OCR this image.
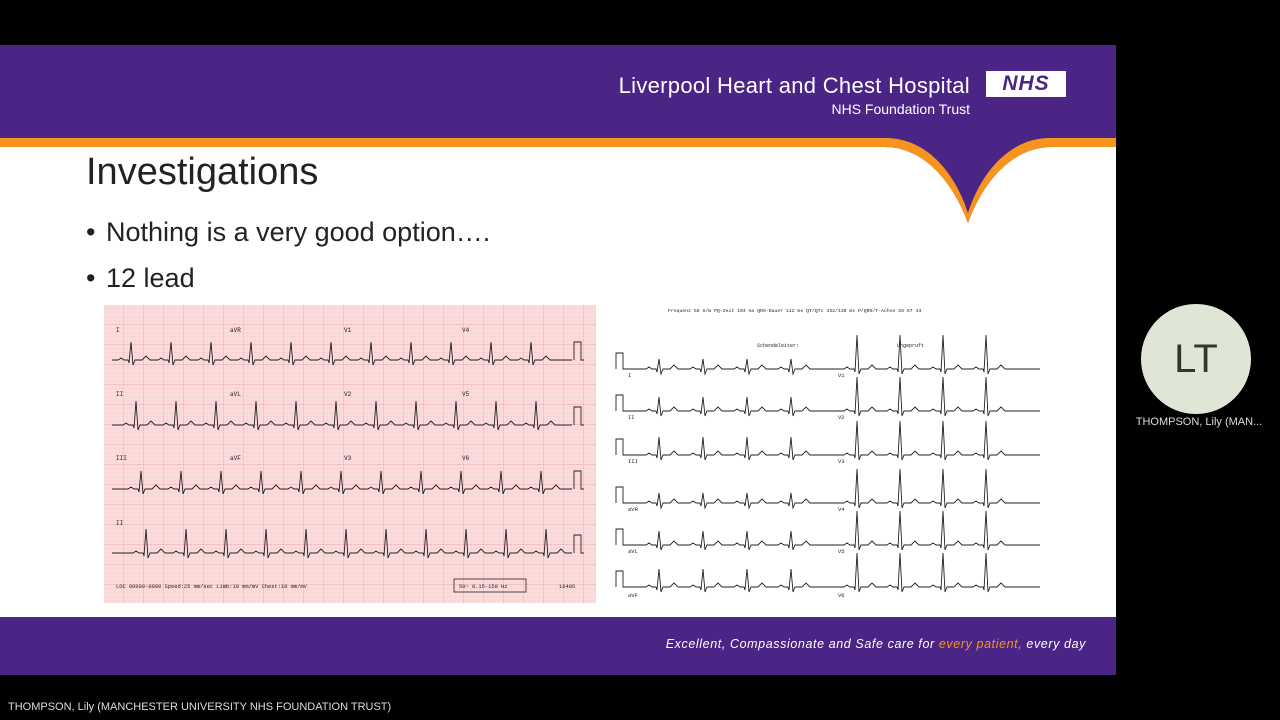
Liverpool Heart and Chest Hospital
NHS Foundation Trust
NHS
Investigations
• Nothing is a very good option….
• 12 lead
I	aVR	V1	V4
II	aVL	V2	V5
III	aVF	V3	V6
II
LOC 00000-0000 Speed:25 mm/sec Limb:10 mm/mV Chest:10 mm/mV	50~ 0.15-150 Hz	16405
Frequenz 58 S/m PQ-Zeit 104 ms QRS-Dauer 112 ms QT/QTc 432/430 ms P/QRS/T-Achse 28 67 43
Schendeleiter:	Ungepruft
I
II
III
aVR
aVL
aVF
V1
V2
V3
V4
V5
V6
Excellent, Compassionate and Safe care for every patient, every day
LT
THOMPSON, Lily (MAN...
THOMPSON, Lily (MANCHESTER UNIVERSITY NHS FOUNDATION TRUST)
